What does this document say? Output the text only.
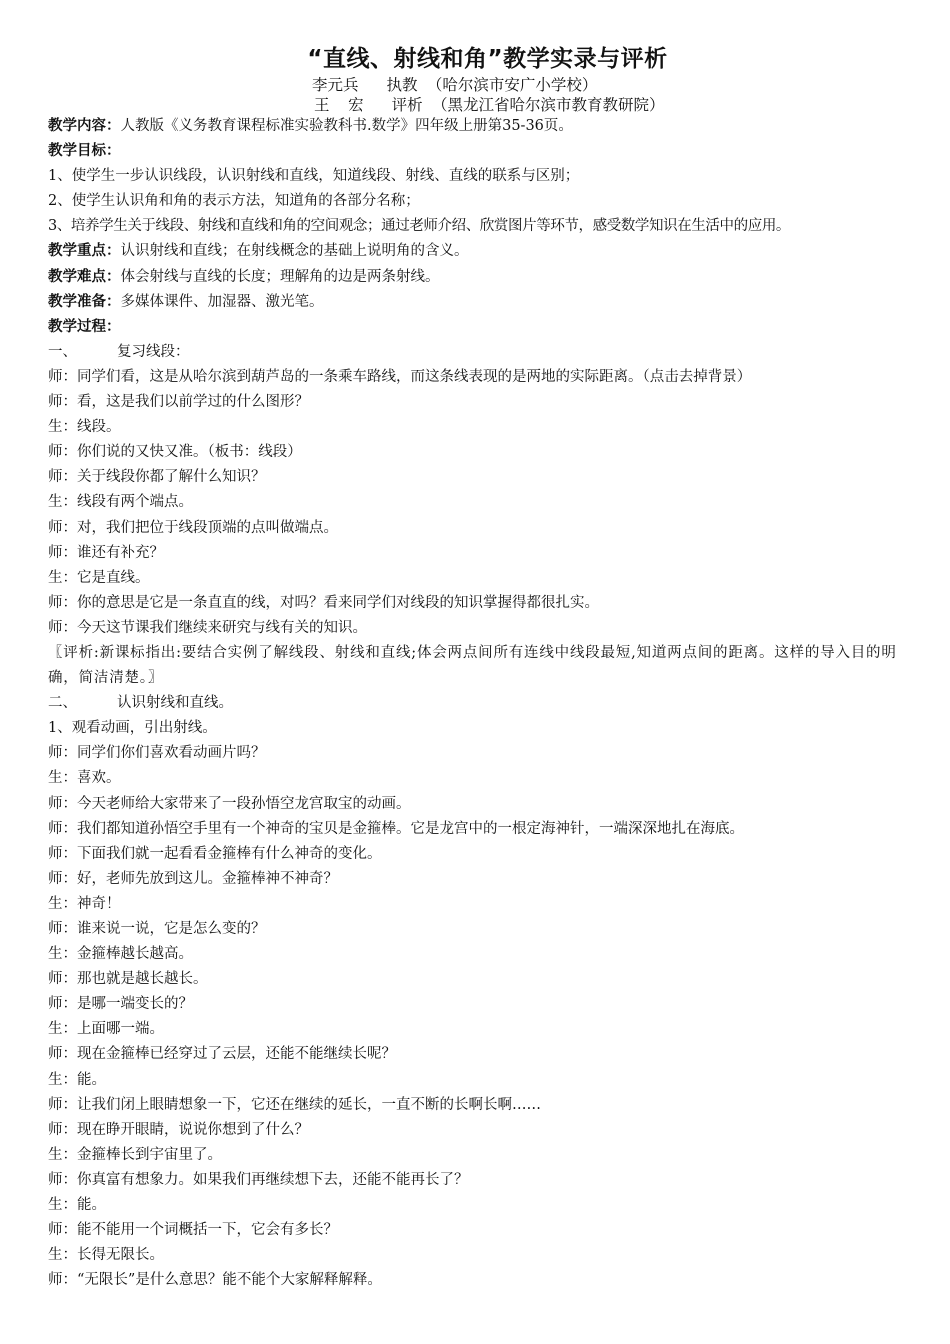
“直线、射线和角”教学实录与评析
李元兵   执教 （哈尔滨市安广小学校）
王  宏   评析 （黑龙江省哈尔滨市教育教研院）
教学内容：人教版《义务教育课程标准实验教科书.数学》四年级上册第35-36页。
教学目标：
1、使学生一步认识线段，认识射线和直线，知道线段、射线、直线的联系与区别；
2、使学生认识角和角的表示方法，知道角的各部分名称；
3、培养学生关于线段、射线和直线和角的空间观念；通过老师介绍、欣赏图片等环节，感受数学知识在生活中的应用。
教学重点：认识射线和直线；在射线概念的基础上说明角的含义。
教学难点：体会射线与直线的长度；理解角的边是两条射线。
教学准备：多媒体课件、加湿器、激光笔。
教学过程：
一、	复习线段：
师：同学们看，这是从哈尔滨到葫芦岛的一条乘车路线，而这条线表现的是两地的实际距离。（点击去掉背景）
师：看，这是我们以前学过的什么图形？
生：线段。
师：你们说的又快又准。（板书：线段）
师：关于线段你都了解什么知识？
生：线段有两个端点。
师：对，我们把位于线段顶端的点叫做端点。
师：谁还有补充？
生：它是直线。
师：你的意思是它是一条直直的线，对吗？看来同学们对线段的知识掌握得都很扎实。
师：今天这节课我们继续来研究与线有关的知识。
〖评析:新课标指出:要结合实例了解线段、射线和直线;体会两点间所有连线中线段最短,知道两点间的距离。这样的导入目的明确，简洁清楚。〗
二、	认识射线和直线。
1、观看动画，引出射线。
师：同学们你们喜欢看动画片吗？
生：喜欢。
师：今天老师给大家带来了一段孙悟空龙宫取宝的动画。
师：我们都知道孙悟空手里有一个神奇的宝贝是金箍棒。它是龙宫中的一根定海神针，一端深深地扎在海底。
师：下面我们就一起看看金箍棒有什么神奇的变化。
师：好，老师先放到这儿。金箍棒神不神奇？
生：神奇！
师：谁来说一说，它是怎么变的？
生：金箍棒越长越高。
师：那也就是越长越长。
师：是哪一端变长的？
生：上面哪一端。
师：现在金箍棒已经穿过了云层，还能不能继续长呢？
生：能。
师：让我们闭上眼睛想象一下，它还在继续的延长，一直不断的长啊长啊……
师：现在睁开眼睛，说说你想到了什么？
生：金箍棒长到宇宙里了。
师：你真富有想象力。如果我们再继续想下去，还能不能再长了？
生：能。
师：能不能用一个词概括一下，它会有多长？
生：长得无限长。
师：“无限长”是什么意思？能不能个大家解释解释。
